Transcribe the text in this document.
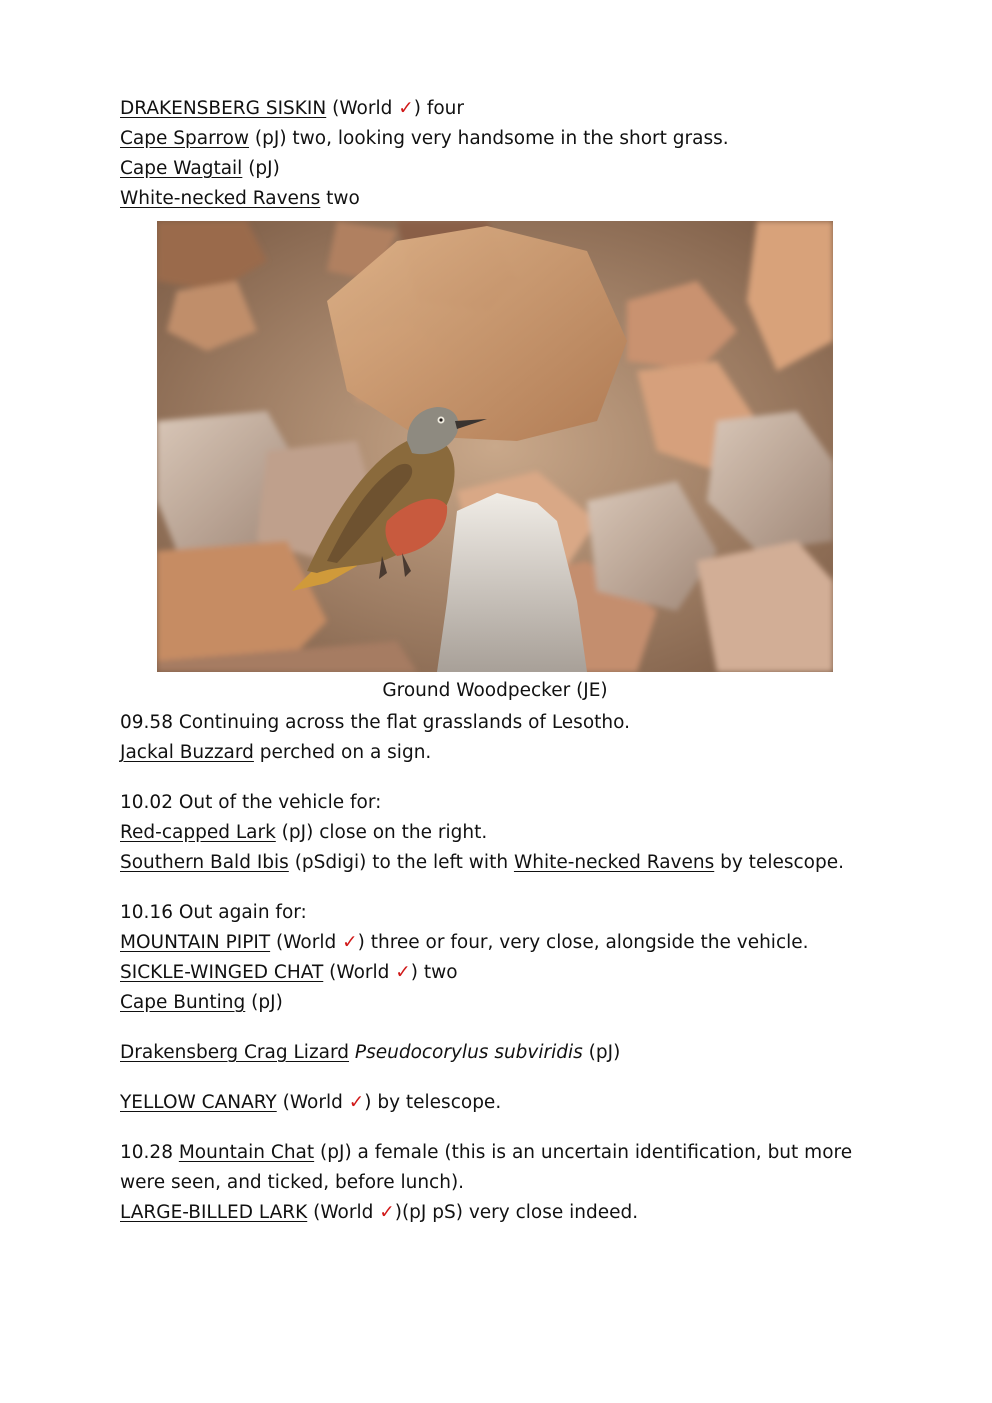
DRAKENSBERG SISKIN (World ✓) four
Cape Sparrow (pJ) two, looking very handsome in the short grass.
Cape Wagtail (pJ)
White-necked Ravens two
Ground Woodpecker (JE)
09.58 Continuing across the flat grasslands of Lesotho.
Jackal Buzzard perched on a sign.
10.02 Out of the vehicle for:
Red-capped Lark (pJ) close on the right.
Southern Bald Ibis (pSdigi) to the left with White-necked Ravens by telescope.
10.16 Out again for:
MOUNTAIN PIPIT (World ✓) three or four, very close, alongside the vehicle.
SICKLE-WINGED CHAT (World ✓) two
Cape Bunting (pJ)
Drakensberg Crag Lizard Pseudocorylus subviridis (pJ)
YELLOW CANARY (World ✓) by telescope.
10.28 Mountain Chat (pJ) a female (this is an uncertain identification, but more were seen, and ticked, before lunch).
LARGE-BILLED LARK (World ✓)(pJ pS) very close indeed.
